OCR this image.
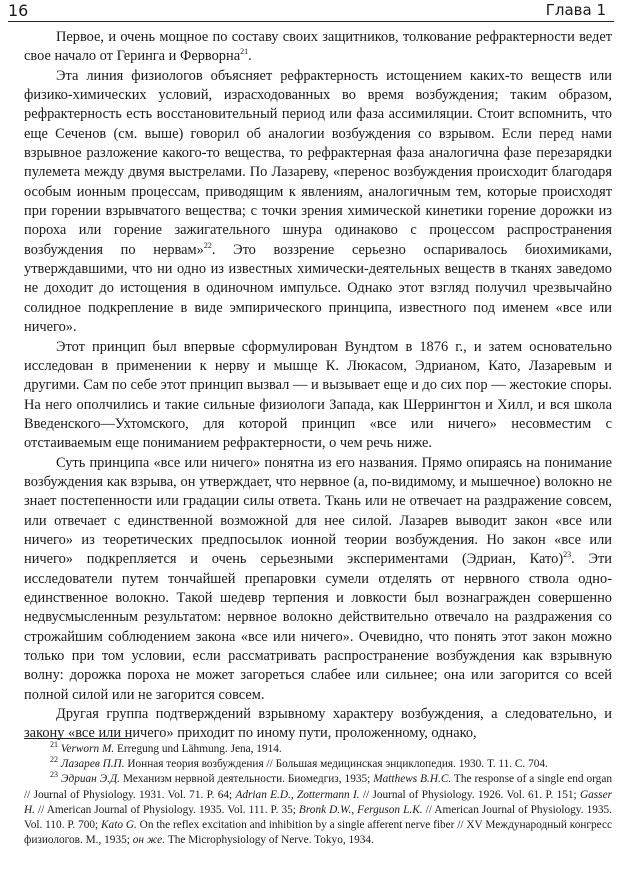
16	Глава 1

Первое, и очень мощное по составу своих защитников, толкование рефрактерности ведет свое начало от Геринга и Ферворна$^{21}$.

Эта линия физиологов объясняет рефрактерность истощением каких-то веществ или физико-химических условий, израсходованных во время возбуждения; таким образом, рефрактерность есть восстановительный период или фаза ассимиляции. Стоит вспомнить, что еще Сеченов (см. выше) говорил об аналогии возбуждения со взрывом. Если перед нами взрывное разложение какого-то вещества, то рефрактерная фаза аналогична фазе перезарядки пулемета между двумя выстрелами. По Лазареву, «перенос возбуждения происходит благодаря особым ионным процессам, приводящим к явлениям, аналогичным тем, которые происходят при горении взрывчатого вещества; с точки зрения химической кинетики горение дорожки из пороха или горение зажигательного шнура одинаково с процессом распространения возбуждения по нервам»$^{22}$. Это воззрение серьезно оспаривалось биохимиками, утверждавшими, что ни одно из известных химически-деятельных веществ в тканях заведомо не доходит до истощения в одиночном импульсе. Однако этот взгляд получил чрезвычайно солидное подкрепление в виде эмпирического принципа, известного под именем «все или ничего».

Этот принцип был впервые сформулирован Вундтом в 1876 г., и затем основательно исследован в применении к нерву и мышце К. Люкасом, Эдрианом, Като, Лазаревым и другими. Сам по себе этот принцип вызвал — и вызывает еще и до сих пор — жестокие споры. На него ополчились и такие сильные физиологи Запада, как Шеррингтон и Хилл, и вся школа Введенского—Ухтомского, для которой принцип «все или ничего» несовместим с отстаиваемым еще пониманием рефрактерности, о чем речь ниже.

Суть принципа «все или ничего» понятна из его названия. Прямо опираясь на понимание возбуждения как взрыва, он утверждает, что нервное (а, по-видимому, и мышечное) волокно не знает постепенности или градации силы ответа. Ткань или не отвечает на раздражение совсем, или отвечает с единственной возможной для нее силой. Лазарев выводит закон «все или ничего» из теоретических предпосылок ионной теории возбуждения. Но закон «все или ничего» подкрепляется и очень серьезными экспериментами (Эдриан, Като)$^{23}$. Эти исследователи путем тончайшей препаровки сумели отделять от нервного ствола одно-единственное волокно. Такой шедевр терпения и ловкости был вознагражден совершенно недвусмысленным результатом: нервное волокно действительно отвечало на раздражения со строжайшим соблюдением закона «все или ничего». Очевидно, что понять этот закон можно только при том условии, если рассматривать распространение возбуждения как взрывную волну: дорожка пороха не может загореться слабее или сильнее; она или загорится со всей полной силой или не загорится совсем.

Другая группа подтверждений взрывному характеру возбуждения, а следовательно, и закону «все или ничего» приходит по иному пути, проложенному, однако,

$^{21}$ Verworn M. Erregung und Lähmung. Jena, 1914.

$^{22}$ Лазарев П.П. Ионная теория возбуждения // Большая медицинская энциклопедия. 1930. Т. 11. С. 704.

$^{23}$ Эдриан Э.Д. Механизм нервной деятельности. Биомедгиз, 1935; Matthews B.H.C. The response of a single end organ // Journal of Physiology. 1931. Vol. 71. P. 64; Adrian E.D., Zottermann I. // Journal of Physiology. 1926. Vol. 61. P. 151; Gasser H. // American Journal of Physiology. 1935. Vol. 111. P. 35; Bronk D.W., Ferguson L.K. // American Journal of Physiology. 1935. Vol. 110. P. 700; Kato G. On the reflex excitation and inhibition by a single afferent nerve fiber // XV Международный конгресс физиологов. М., 1935; он же. The Microphysiology of Nerve. Tokyo, 1934.
